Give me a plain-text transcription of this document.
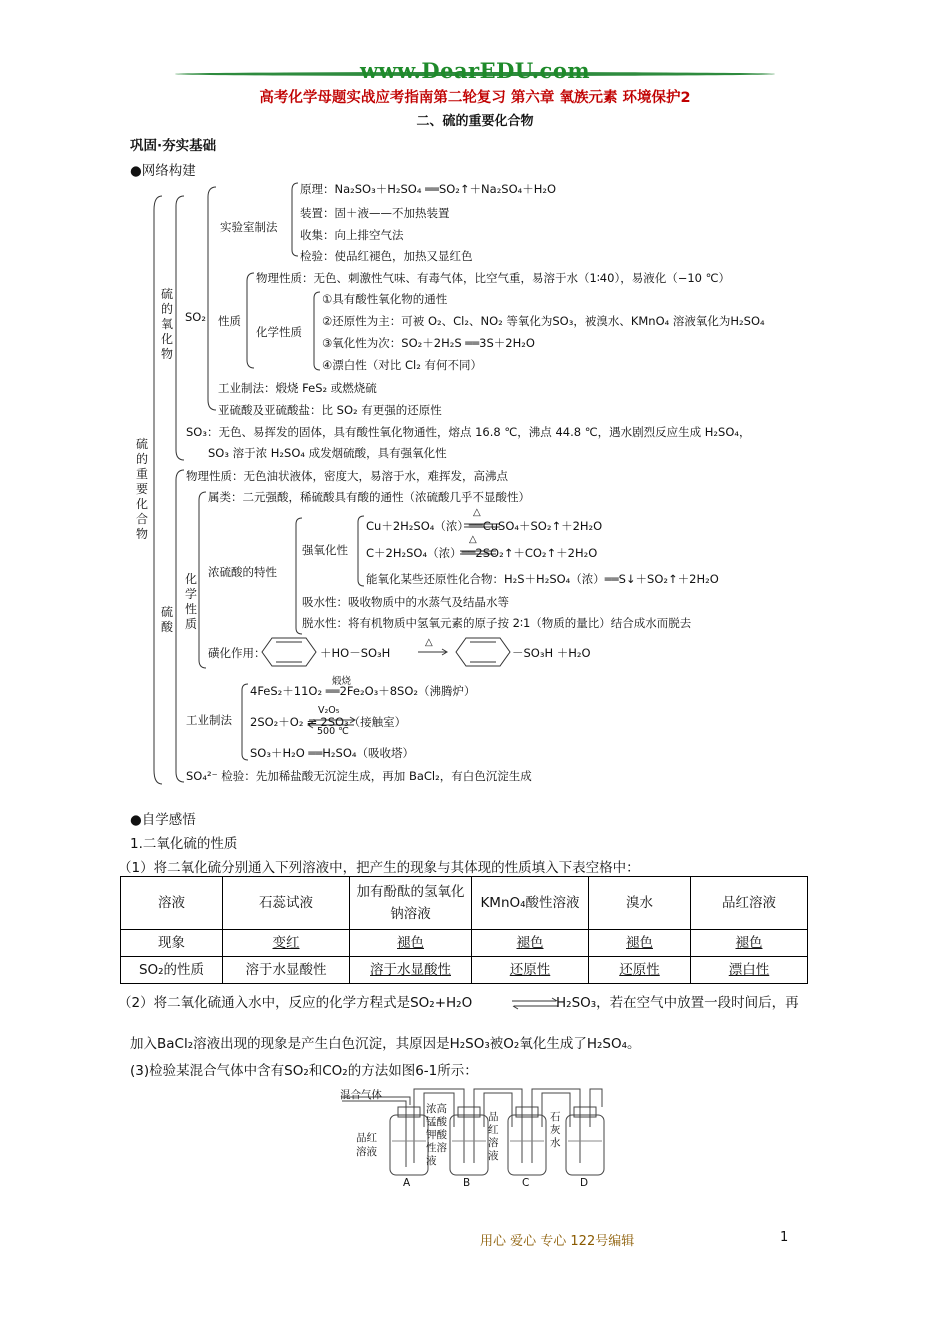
www.DearEDU.com
高考化学母题实战应考指南第二轮复习 第六章 氧族元素 环境保护2
二、硫的重要化合物
巩固·夯实基础
●网络构建
硫的重要化合物
硫的氧化物
SO₂
实验室制法
原理：Na₂SO₃＋H₂SO₄ ══SO₂↑＋Na₂SO₄＋H₂O
装置：固＋液——不加热装置
收集：向上排空气法
检验：使品红褪色，加热又显红色
性质
物理性质：无色、刺激性气味、有毒气体，比空气重，易溶于水（1∶40），易液化（−10 ℃）
化学性质
①具有酸性氧化物的通性
②还原性为主：可被 O₂、Cl₂、NO₂ 等氧化为SO₃，被溴水、KMnO₄ 溶液氧化为H₂SO₄
③氧化性为次：SO₂＋2H₂S ══3S＋2H₂O
④漂白性（对比 Cl₂ 有何不同）
工业制法：煅烧 FeS₂ 或燃烧硫
亚硫酸及亚硫酸盐：比 SO₂ 有更强的还原性
SO₃：无色、易挥发的固体，具有酸性氧化物通性，熔点 16.8 ℃，沸点 44.8 ℃，遇水剧烈反应生成 H₂SO₄，
SO₃ 溶于浓 H₂SO₄ 成发烟硫酸，具有强氧化性
硫酸
物理性质：无色油状液体，密度大，易溶于水，难挥发，高沸点
化学性质
属类：二元强酸，稀硫酸具有酸的通性（浓硫酸几乎不显酸性）
浓硫酸的特性
强氧化性
Cu＋2H₂SO₄（浓）══CuSO₄＋SO₂↑＋2H₂O
△
C＋2H₂SO₄（浓）══2SO₂↑＋CO₂↑＋2H₂O
△
能氧化某些还原性化合物：H₂S＋H₂SO₄（浓）══S↓＋SO₂↑＋2H₂O
吸水性：吸收物质中的水蒸气及结晶水等
脱水性：将有机物质中氢氧元素的原子按 2∶1（物质的量比）结合成水而脱去
磺化作用：	＋HO－SO₃H
△
－SO₃H ＋H₂O
工业制法
4FeS₂＋11O₂ ══2Fe₂O₃＋8SO₂（沸腾炉）
煅烧
2SO₂＋O₂ ⇌ 2SO₃（接触室）
V₂O₅
500 ℃
SO₃＋H₂O ══H₂SO₄（吸收塔）
SO₄²⁻ 检验：先加稀盐酸无沉淀生成，再加 BaCl₂，有白色沉淀生成
●自学感悟
1.二氧化硫的性质
（1）将二氧化硫分别通入下列溶液中，把产生的现象与其体现的性质填入下表空格中：
溶液	石蕊试液	加有酚酞的氢氧化钠溶液	KMnO₄酸性溶液	溴水	品红溶液
现象	变红	褪色	褪色	褪色	褪色
SO₂的性质	溶于水显酸性	溶于水显酸性	还原性	还原性	漂白性
（2）将二氧化硫通入水中，反应的化学方程式是SO₂+H₂O	H₂SO₃，若在空气中放置一段时间后，再
加入BaCl₂溶液出现的现象是产生白色沉淀，其原因是H₂SO₃被O₂氧化生成了H₂SO₄。
(3)检验某混合气体中含有SO₂和CO₂的方法如图6-1所示：
混合气体
品红溶液
浓高锰酸钾酸性溶液
品红溶液
石灰水
A	B	C	D
用心 爱心 专心 122号编辑	1
